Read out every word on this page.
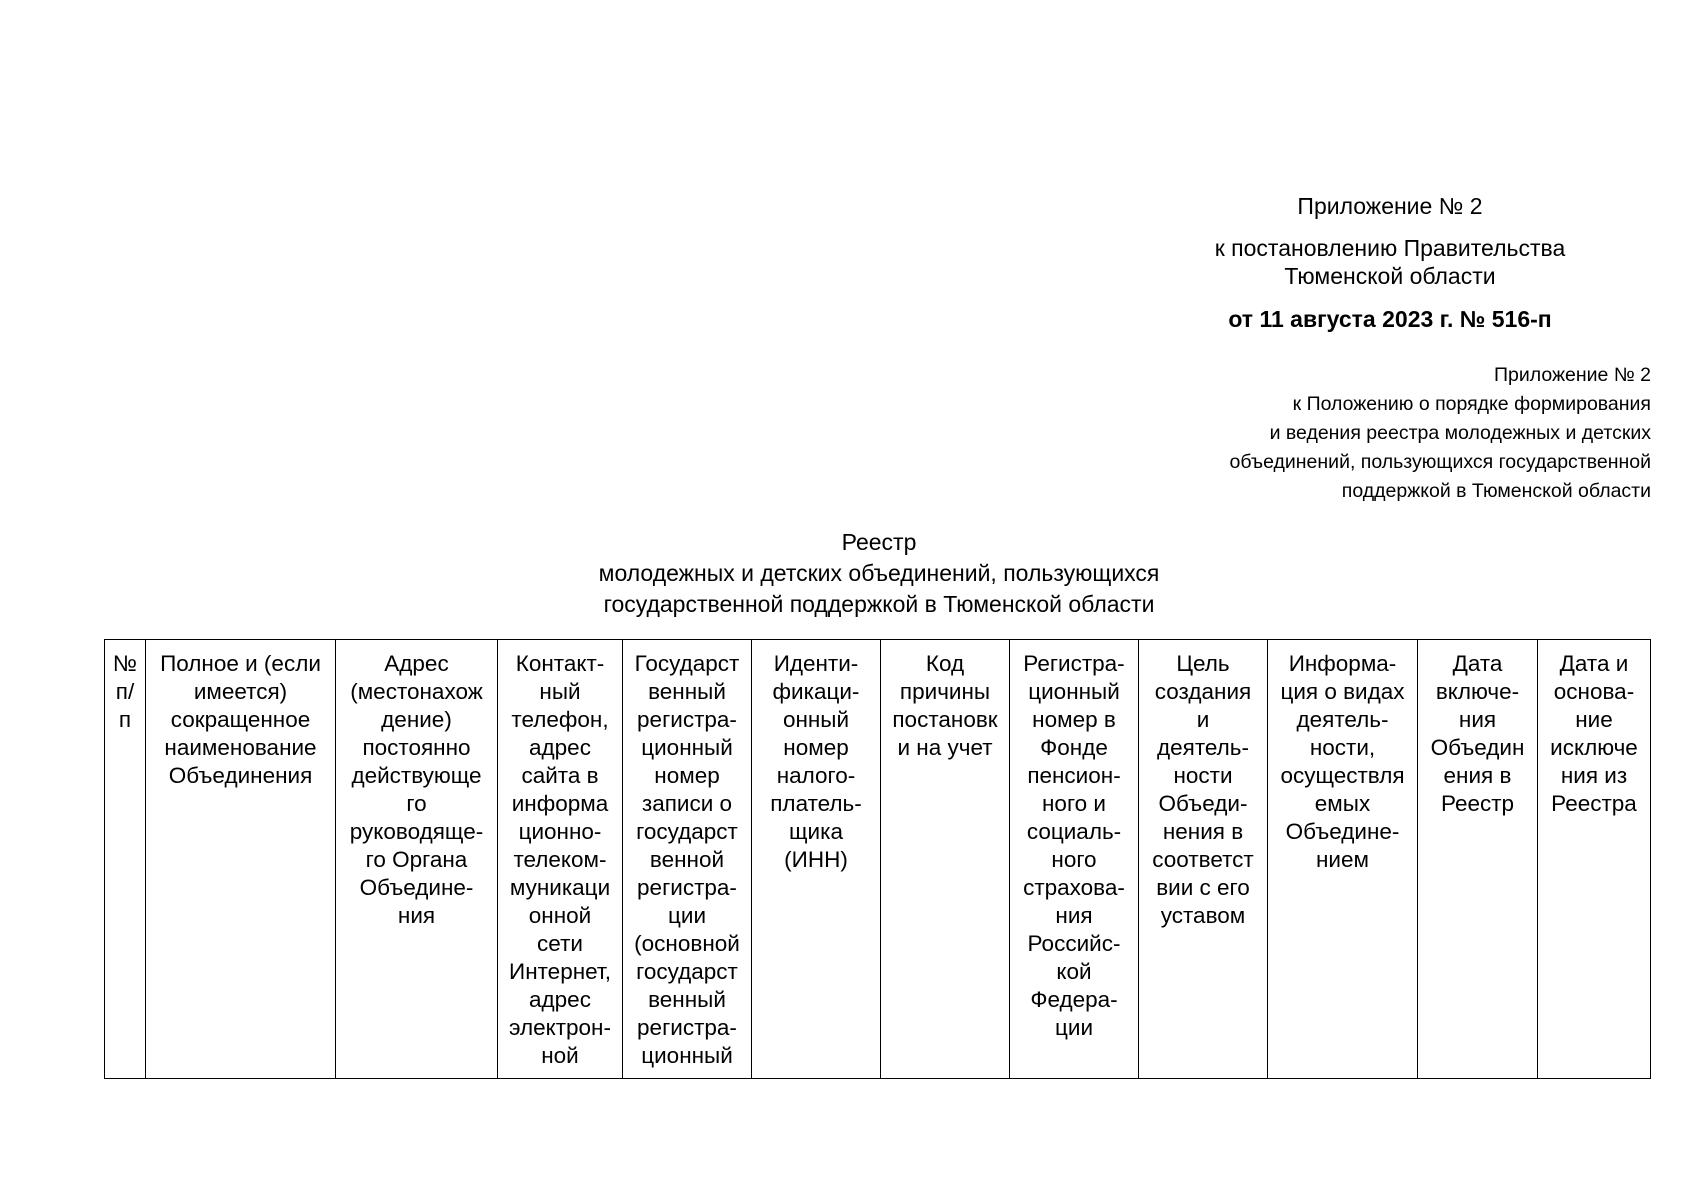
Приложение № 2
к постановлению Правительства
Тюменской области
от 11 августа 2023 г. № 516-п
Приложение № 2
к Положению о порядке формирования
и ведения реестра молодежных и детских
объединений, пользующихся государственной
поддержкой в Тюменской области
Реестр
молодежных и детских объединений, пользующихся
государственной поддержкой в Тюменской области
№
п/
п	Полное и (если
имеется)
сокращенное
наименование
Объединения	Адрес
(местонахож
дение)
постоянно
действующе
го
руководяще-
го Органа
Объедине-
ния	Контакт-
ный
телефон,
адрес
сайта в
информа
ционно-
телеком-
муникаци
онной
сети
Интернет,
адрес
электрон-
ной	Государст
венный
регистра-
ционный
номер
записи о
государст
венной
регистра-
ции
(основной
государст
венный
регистра-
ционный	Иденти-
фикаци-
онный
номер
налого-
платель-
щика
(ИНН)	Код
причины
постановк
и на учет	Регистра-
ционный
номер в
Фонде
пенсион-
ного и
социаль-
ного
страхова-
ния
Российс-
кой
Федера-
ции	Цель
создания
и
деятель-
ности
Объеди-
нения в
соответст
вии с его
уставом	Информа-
ция о видах
деятель-
ности,
осуществля
емых
Объедине-
нием	Дата
включе-
ния
Объедин
ения в
Реестр	Дата и
основа-
ние
исключе
ния из
Реестра
